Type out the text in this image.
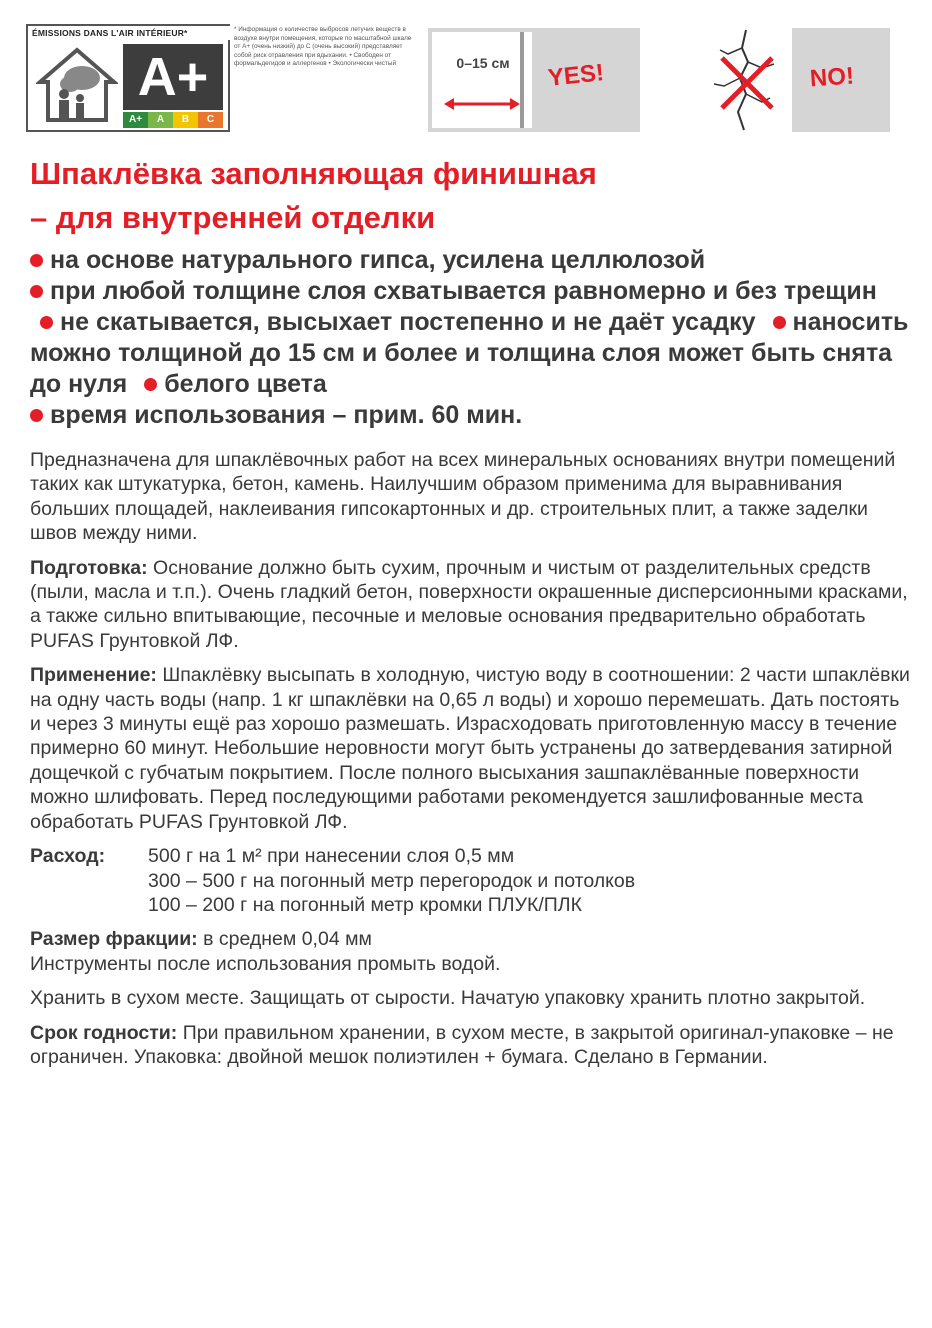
ÉMISSIONS DANS L'AIR INTÉRIEUR*
A+
A+	A	B	C
* Информация о количестве выбросов летучих веществ в воздухе внутри помещения, которые по масштабной шкале от A+ (очень низкий) до C (очень высокий) представляет собой риск отравления при вдыхании. • Свободен от формальдегидов и аллергенов • Экологически чистый	0–15 см	YES!	NO!
Шпаклёвка заполняющая финишная
– для внутренней отделки
на основе натурального гипса, усилена целлюлозой
при любой толщине слоя схватывается равномерно и без трещин не скатывается, высыхает постепенно и не даёт усадку наносить можно толщиной до 15 см и более и толщина слоя может быть снята до нуля белого цвета
время использования – прим. 60 мин.

Предназначена для шпаклёвочных работ на всех минеральных основаниях внутри помещений таких как штукатурка, бетон, камень. Наилучшим образом применима для выравнивания больших площадей, наклеивания гипсокартонных и др. строительных плит, а также заделки швов между ними.

Подготовка: Основание должно быть сухим, прочным и чистым от разделительных средств (пыли, масла и т.п.). Очень гладкий бетон, поверхности окрашенные дисперсионными красками, а также сильно впитывающие, песочные и меловые основания предварительно обработать PUFAS Грунтовкой ЛФ.

Применение: Шпаклёвку высыпать в холодную, чистую воду в соотношении: 2 части шпаклёвки на одну часть воды (напр. 1 кг шпаклёвки на 0,65 л воды) и хорошо перемешать. Дать постоять и через 3 минуты ещё раз хорошо размешать. Израсходовать приготовленную массу в течение примерно 60 минут. Небольшие неровности могут быть устранены до затвердевания затирной дощечкой с губчатым покрытием. После полного высыхания зашпаклёванные поверхности можно шлифовать. Перед последующими работами рекомендуется зашлифованные места обработать PUFAS Грунтовкой ЛФ.

Расход:	500 г на 1 м² при нанесении слоя 0,5 мм
300 – 500 г на погонный метр перегородок и потолков
100 – 200 г на погонный метр кромки ПЛУК/ПЛК

Размер фракции: в среднем 0,04 мм
Инструменты после использования промыть водой.

Хранить в сухом месте. Защищать от сырости. Начатую упаковку хранить плотно закрытой.

Срок годности: При правильном хранении, в сухом месте, в закрытой оригинал-упаковке – не ограничен. Упаковка: двойной мешок полиэтилен + бумага. Сделано в Германии.
